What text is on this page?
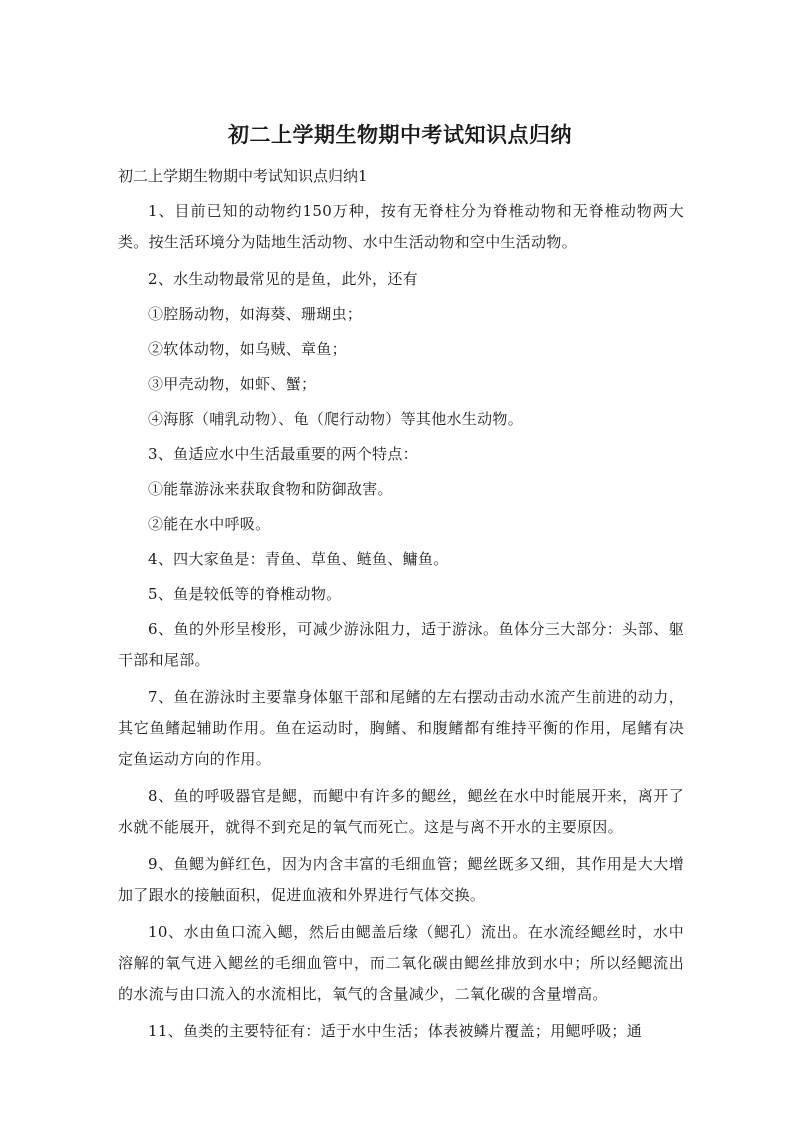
初二上学期生物期中考试知识点归纳

初二上学期生物期中考试知识点归纳1

1、目前已知的动物约150万种，按有无脊柱分为脊椎动物和无脊椎动物两大类。按生活环境分为陆地生活动物、水中生活动物和空中生活动物。

2、水生动物最常见的是鱼，此外，还有

①腔肠动物，如海葵、珊瑚虫；

②软体动物，如乌贼、章鱼；

③甲壳动物，如虾、蟹；

④海豚（哺乳动物）、龟（爬行动物）等其他水生动物。

3、鱼适应水中生活最重要的两个特点：

①能靠游泳来获取食物和防御敌害。

②能在水中呼吸。

4、四大家鱼是：青鱼、草鱼、鲢鱼、鳙鱼。

5、鱼是较低等的脊椎动物。

6、鱼的外形呈梭形，可减少游泳阻力，适于游泳。鱼体分三大部分：头部、躯干部和尾部。

7、鱼在游泳时主要靠身体躯干部和尾鳍的左右摆动击动水流产生前进的动力，其它鱼鳍起辅助作用。鱼在运动时，胸鳍、和腹鳍都有维持平衡的作用，尾鳍有决定鱼运动方向的作用。

8、鱼的呼吸器官是鳃，而鳃中有许多的鳃丝，鳃丝在水中时能展开来，离开了水就不能展开，就得不到充足的氧气而死亡。这是与离不开水的主要原因。

9、鱼鳃为鲜红色，因为内含丰富的毛细血管；鳃丝既多又细，其作用是大大增加了跟水的接触面积，促进血液和外界进行气体交换。

10、水由鱼口流入鳃，然后由鳃盖后缘（鳃孔）流出。在水流经鳃丝时，水中溶解的氧气进入鳃丝的毛细血管中，而二氧化碳由鳃丝排放到水中；所以经鳃流出的水流与由口流入的水流相比，氧气的含量减少，二氧化碳的含量增高。

11、鱼类的主要特征有：适于水中生活；体表被鳞片覆盖；用鳃呼吸；通
